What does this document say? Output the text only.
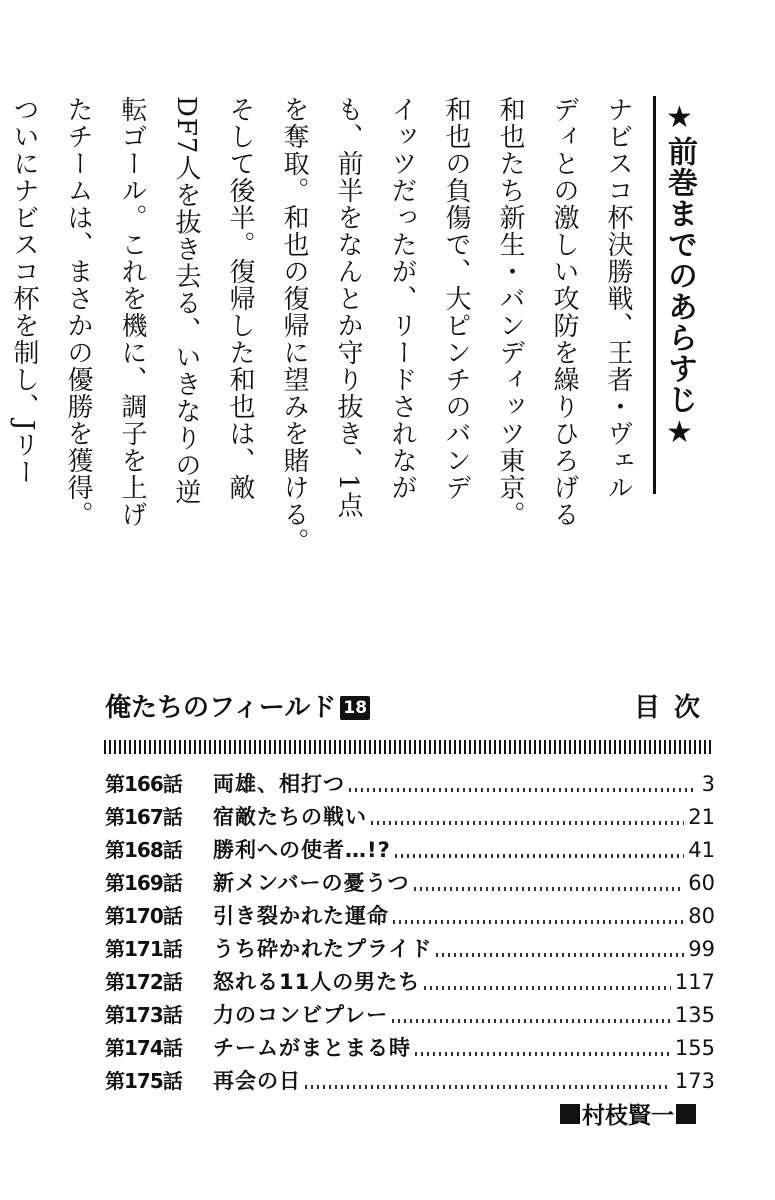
★前巻までのあらすじ★

ナビスコ杯決勝戦、王者・ヴェル

ディとの激しい攻防を繰りひろげる

和也たち新生・バンディッツ東京。

和也の負傷で、大ピンチのバンデ

イッツだったが、リードされなが

も、前半をなんとか守り抜き、1点

を奪取。和也の復帰に望みを賭ける。

そして後半。復帰した和也は、敵

DF7人を抜き去る、いきなりの逆

転ゴール。これを機に、調子を上げ

たチームは、まさかの優勝を獲得。

ついにナビスコ杯を制し、Jリー

俺たちのフィールド 18	目次
第166話	両雄、相打つ	3
第167話	宿敵たちの戦い	21
第168話	勝利への使者…!?	41
第169話	新メンバーの憂うつ	60
第170話	引き裂かれた運命	80
第171話	うち砕かれたプライド	99
第172話	怒れる11人の男たち	117
第173話	力のコンビプレー	135
第174話	チームがまとまる時	155
第175話	再会の日	173
村枝賢一
